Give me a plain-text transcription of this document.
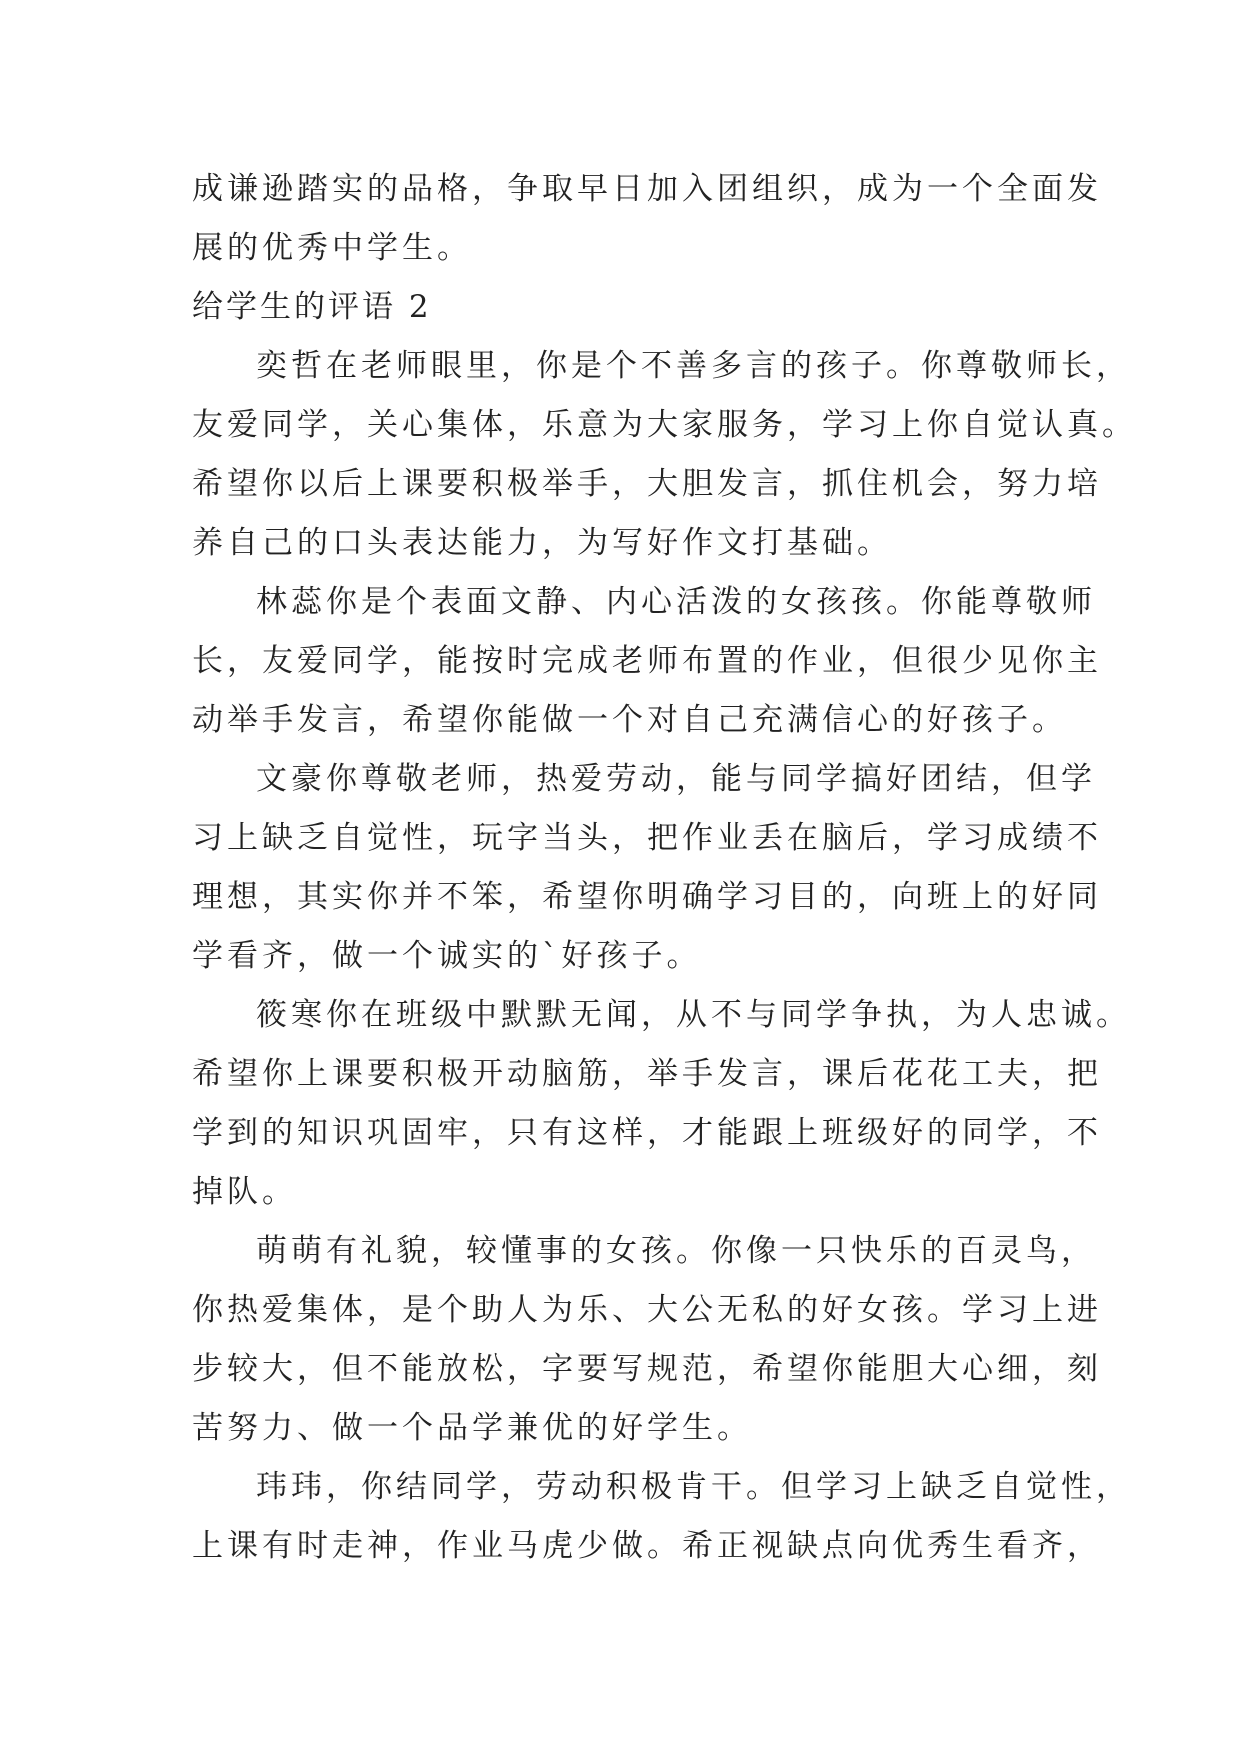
成谦逊踏实的品格，争取早日加入团组织，成为一个全面发
展的优秀中学生。
给学生的评语 2
奕哲在老师眼里，你是个不善多言的孩子。你尊敬师长，
友爱同学，关心集体，乐意为大家服务，学习上你自觉认真。
希望你以后上课要积极举手，大胆发言，抓住机会，努力培
养自己的口头表达能力，为写好作文打基础。
林蕊你是个表面文静、内心活泼的女孩孩。你能尊敬师
长，友爱同学，能按时完成老师布置的作业，但很少见你主
动举手发言，希望你能做一个对自己充满信心的好孩子。
文豪你尊敬老师，热爱劳动，能与同学搞好团结，但学
习上缺乏自觉性，玩字当头，把作业丢在脑后，学习成绩不
理想，其实你并不笨，希望你明确学习目的，向班上的好同
学看齐，做一个诚实的`好孩子。
筱寒你在班级中默默无闻，从不与同学争执，为人忠诚。
希望你上课要积极开动脑筋，举手发言，课后花花工夫，把
学到的知识巩固牢，只有这样，才能跟上班级好的同学，不
掉队。
萌萌有礼貌，较懂事的女孩。你像一只快乐的百灵鸟，
你热爱集体，是个助人为乐、大公无私的好女孩。学习上进
步较大，但不能放松，字要写规范，希望你能胆大心细，刻
苦努力、做一个品学兼优的好学生。
玮玮，你结同学，劳动积极肯干。但学习上缺乏自觉性，
上课有时走神，作业马虎少做。希正视缺点向优秀生看齐，
